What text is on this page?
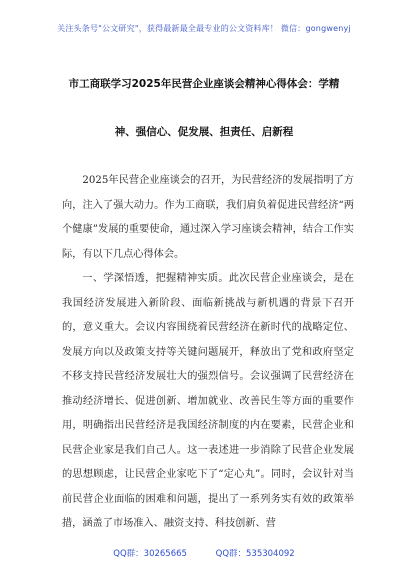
关注头条号"公文研究"，获得最新最全最专业的公文资料库！ 微信：gongwenyj
市工商联学习2025年民营企业座谈会精神心得体会：学精
神、强信心、促发展、担责任、启新程

2025年民营企业座谈会的召开，为民营经济的发展指明了方向，注入了强大动力。作为工商联，我们肩负着促进民营经济“两个健康”发展的重要使命，通过深入学习座谈会精神，结合工作实际，有以下几点心得体会。

一、学深悟透，把握精神实质。此次民营企业座谈会，是在我国经济发展进入新阶段、面临新挑战与新机遇的背景下召开的，意义重大。会议内容围绕着民营经济在新时代的战略定位、发展方向以及政策支持等关键问题展开，释放出了党和政府坚定不移支持民营经济发展壮大的强烈信号。会议强调了民营经济在推动经济增长、促进创新、增加就业、改善民生等方面的重要作用，明确指出民营经济是我国经济制度的内在要素，民营企业和民营企业家是我们自己人。这一表述进一步消除了民营企业发展的思想顾虑，让民营企业家吃下了“定心丸”。同时，会议针对当前民营企业面临的困难和问题，提出了一系列务实有效的政策举措，涵盖了市场准入、融资支持、科技创新、营

QQ群：30265665	QQ群：535304092
